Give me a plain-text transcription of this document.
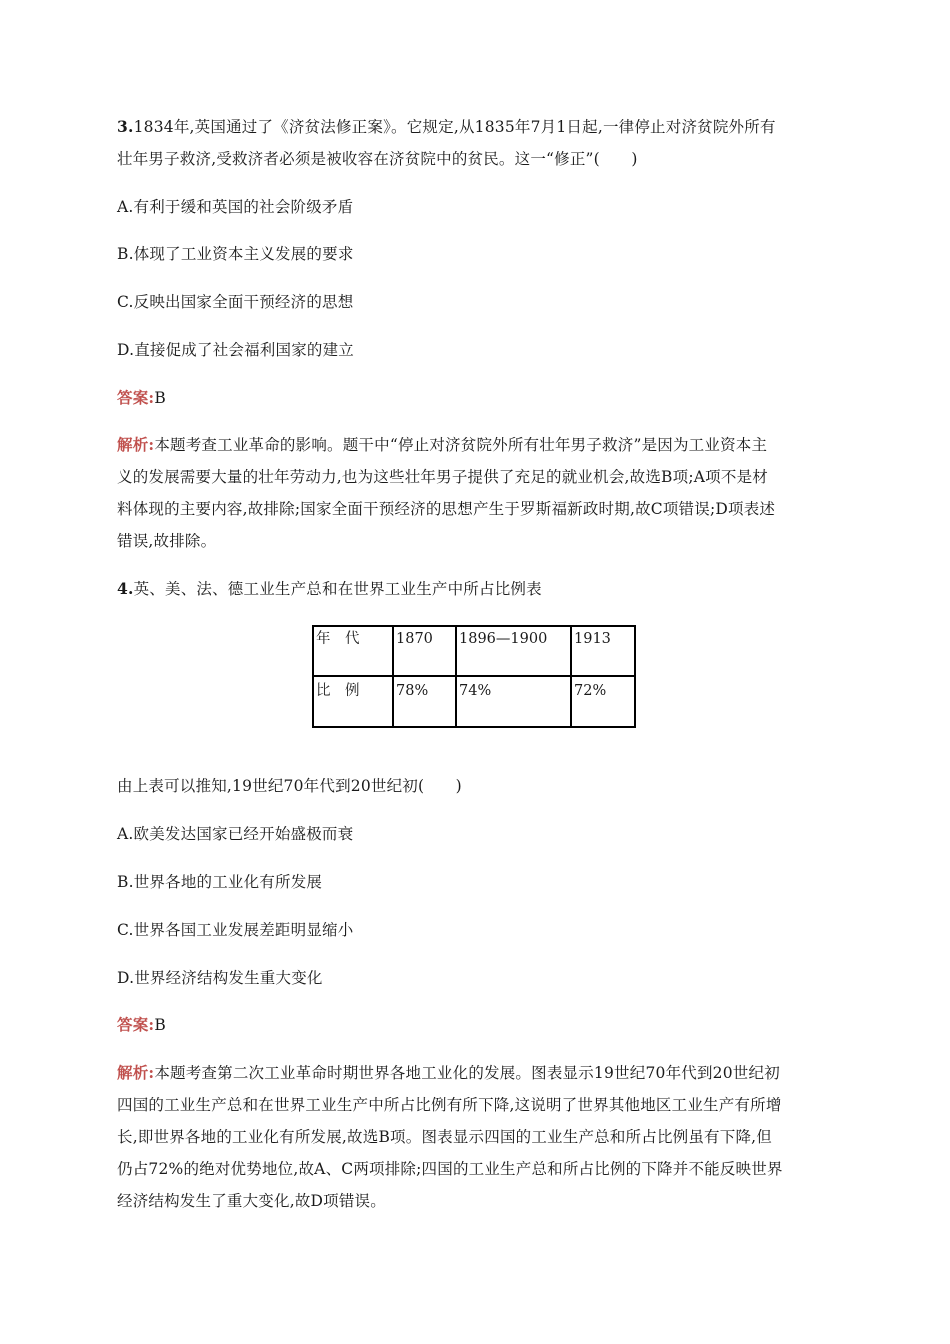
3.1834年,英国通过了《济贫法修正案》。它规定,从1835年7月1日起,一律停止对济贫院外所有
壮年男子救济,受救济者必须是被收容在济贫院中的贫民。这一“修正”(　　)
A.有利于缓和英国的社会阶级矛盾
B.体现了工业资本主义发展的要求
C.反映出国家全面干预经济的思想
D.直接促成了社会福利国家的建立
答案:B
解析:本题考查工业革命的影响。题干中“停止对济贫院外所有壮年男子救济”是因为工业资本主
义的发展需要大量的壮年劳动力,也为这些壮年男子提供了充足的就业机会,故选B项;A项不是材
料体现的主要内容,故排除;国家全面干预经济的思想产生于罗斯福新政时期,故C项错误;D项表述
错误,故排除。
4.英、美、法、德工业生产总和在世界工业生产中所占比例表
年　代	1870 1896—1900 1913
比　例	78% 74%	72%
由上表可以推知,19世纪70年代到20世纪初(　　)
A.欧美发达国家已经开始盛极而衰
B.世界各地的工业化有所发展
C.世界各国工业发展差距明显缩小
D.世界经济结构发生重大变化
答案:B
解析:本题考查第二次工业革命时期世界各地工业化的发展。图表显示19世纪70年代到20世纪初
四国的工业生产总和在世界工业生产中所占比例有所下降,这说明了世界其他地区工业生产有所增
长,即世界各地的工业化有所发展,故选B项。图表显示四国的工业生产总和所占比例虽有下降,但
仍占72%的绝对优势地位,故A、C两项排除;四国的工业生产总和所占比例的下降并不能反映世界
经济结构发生了重大变化,故D项错误。
